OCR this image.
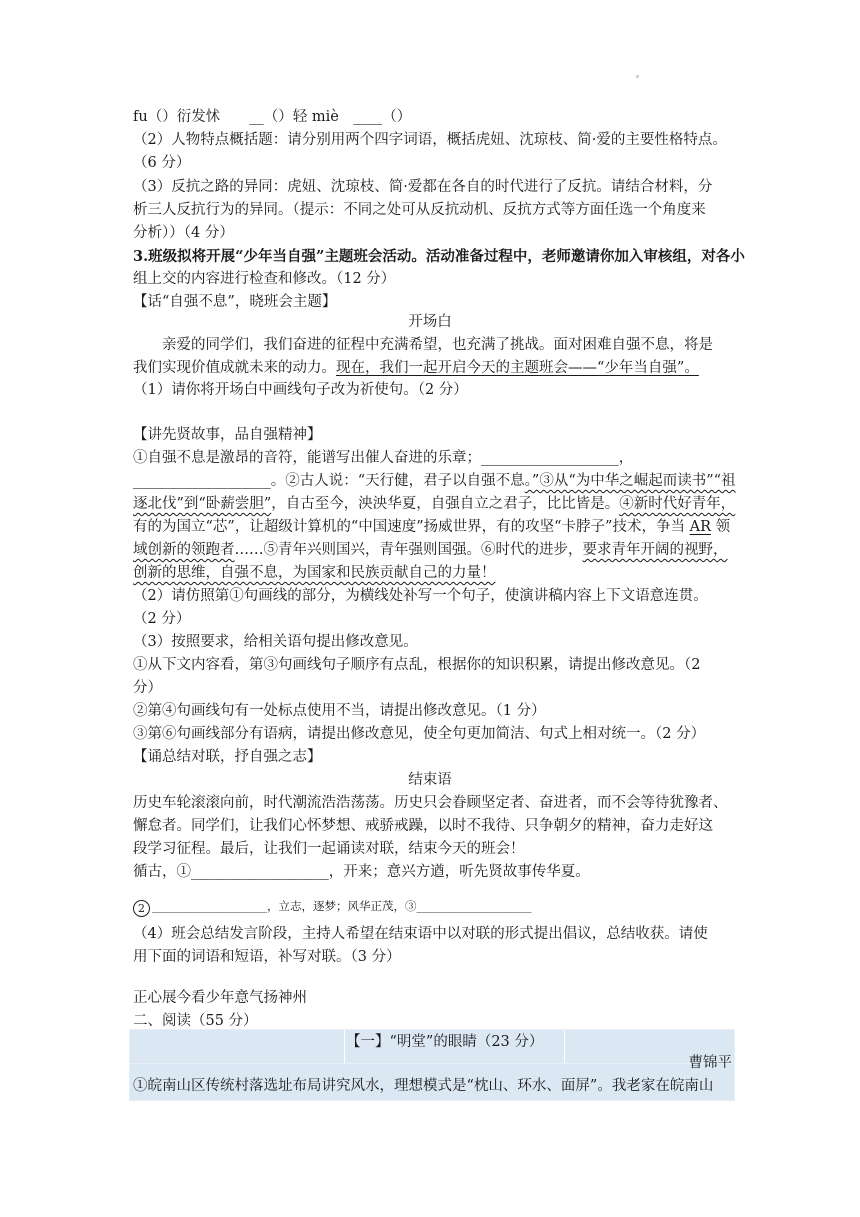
fu（）衍发怵　　__（）轻 miè　____（）
（2）人物特点概括题：请分别用两个四字词语，概括虎妞、沈琼枝、简·爱的主要性格特点。
（6 分）
（3）反抗之路的异同：虎妞、沈琼枝、简·爱都在各自的时代进行了反抗。请结合材料，分
析三人反抗行为的异同。（提示：不同之处可从反抗动机、反抗方式等方面任选一个角度来
分析））（4 分）
3.班级拟将开展“少年当自强”主题班会活动。活动准备过程中，老师邀请你加入审核组，对各小
组上交的内容进行检查和修改。（12 分）
【话“自强不息”，晓班会主题】
开场白
亲爱的同学们，我们奋进的征程中充满希望，也充满了挑战。面对困难自强不息，将是
我们实现价值成就未来的动力。现在，我们一起开启今天的主题班会——“少年当自强”。
（1）请你将开场白中画线句子改为祈使句。（2 分）
【讲先贤故事，品自强精神】
①自强不息是激昂的音符，能谱写出催人奋进的乐章；___________________，
___________________。②古人说：“天行健，君子以自强不息。”③从“为中华之崛起而读书”“祖
逐北伐”到“卧薪尝胆”，自古至今，泱泱华夏，自强自立之君子，比比皆是。④新时代好青年，
有的为国立“芯”，让超级计算机的“中国速度”扬威世界，有的攻坚“卡脖子”技术，争当 AR 领
域创新的领跑者……⑤青年兴则国兴，青年强则国强。⑥时代的进步，要求青年开阔的视野，
创新的思维，自强不息，为国家和民族贡献自己的力量！
（2）请仿照第①句画线的部分，为横线处补写一个句子，使演讲稿内容上下文语意连贯。
（2 分）
（3）按照要求，给相关语句提出修改意见。
①从下文内容看，第③句画线句子顺序有点乱，根据你的知识积累，请提出修改意见。（2
分）
②第④句画线句有一处标点使用不当，请提出修改意见。（1 分）
③第⑥句画线部分有语病，请提出修改意见，使全句更加简洁、句式上相对统一。（2 分）
【诵总结对联，抒自强之志】
结束语
历史车轮滚滚向前，时代潮流浩浩荡荡。历史只会眷顾坚定者、奋进者，而不会等待犹豫者、
懈怠者。同学们，让我们心怀梦想、戒骄戒躁，以时不我待、只争朝夕的精神，奋力走好这
段学习征程。最后，让我们一起诵读对联，结束今天的班会！
循古，①___________________，开来；意兴方遒，听先贤故事传华夏。
2 ____________________，立志，逐梦；风华正茂，③____________________
（4）班会总结发言阶段，主持人希望在结束语中以对联的形式提出倡议，总结收获。请使
用下面的词语和短语，补写对联。（3 分）
正心展今看少年意气扬神州
二、阅读（55 分）
【一】“明堂”的眼睛（23 分）
曹锦平
①皖南山区传统村落选址布局讲究风水，理想模式是“枕山、环水、面屏”。我老家在皖南山
